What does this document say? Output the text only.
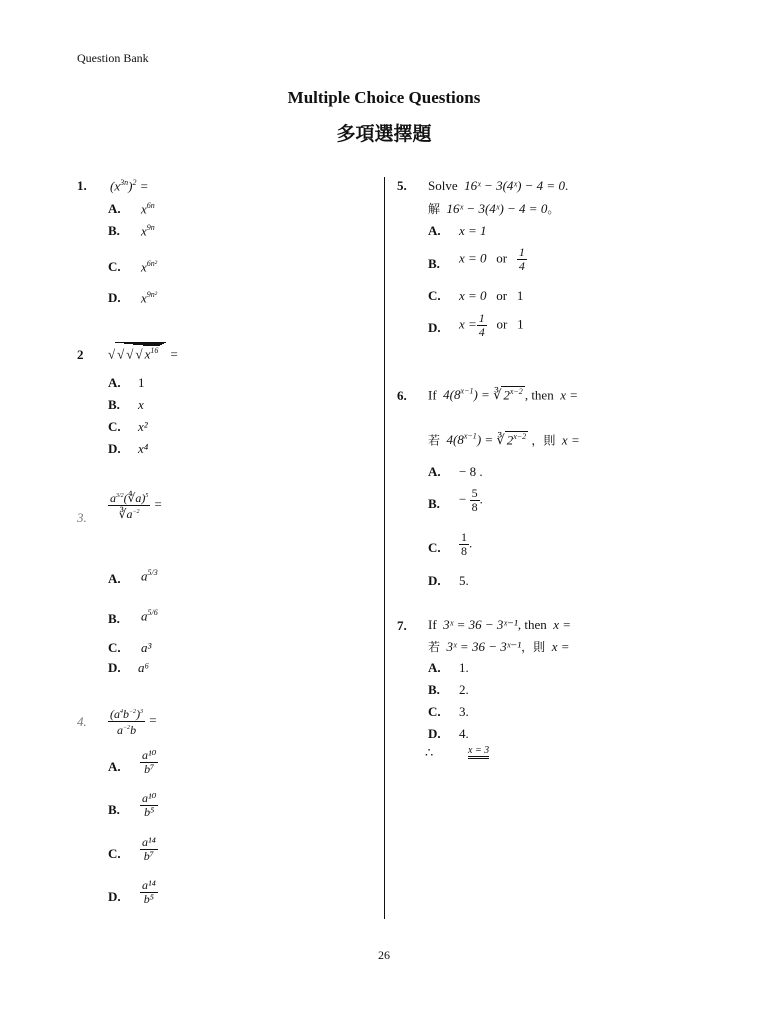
Question Bank
Multiple Choice Questions
多項選擇題
1. $(x^{3n})^2$ =
A. $x^{6n}$
B. $x^{9n}$
C. $x^{6n^2}$
D. $x^{9n^2}$
2 √ √ √ √ $x^{16}$ =
A. 1
B. x
C. x²
D. x⁴
3. $\frac{a^{3/2}(∜a)^5}{∛a^{-2}}$ =
A. $a^{5/3}$
B. $a^{5/6}$
C. a³
D. a⁶
4. $\frac{(a^4b^{-2})^3}{a^{-2}b}$ =
A. $\frac{\text{a¹⁰}}{\text{b⁷}}$
B. $\frac{\text{a¹⁰}}{\text{b⁵}}$
C. $\frac{\text{a¹⁴}}{\text{b⁷}}$
D. $\frac{\text{a¹⁴}}{\text{b⁵}}$
5. Solve 16ˣ − 3(4ˣ) − 4 = 0.
解 16ˣ − 3(4ˣ) − 4 = 0。
A. x = 1
B. x = 0 or $\frac{1}{4}$
C. x = 0 or 1
D. $x = \frac{1}{4}$ or 1
6. If $4(8^{x-1})$ = ∛ $2^{x-2}$ , then x =
若 $4(8^{x-1})$ = ∛ $2^{x-2}$ ，則 x =
A. − 8 .
B. − $\frac{5}{8}$ .
C. $\frac{1}{8}$ .
D. 5.
7. If 3ˣ = 36 − 3ˣ⁻¹, then x =
若 3ˣ = 36 − 3ˣ⁻¹，則 x =
A. 1.
B. 2.
C. 3.
D. 4.
∴	x = 3
26
